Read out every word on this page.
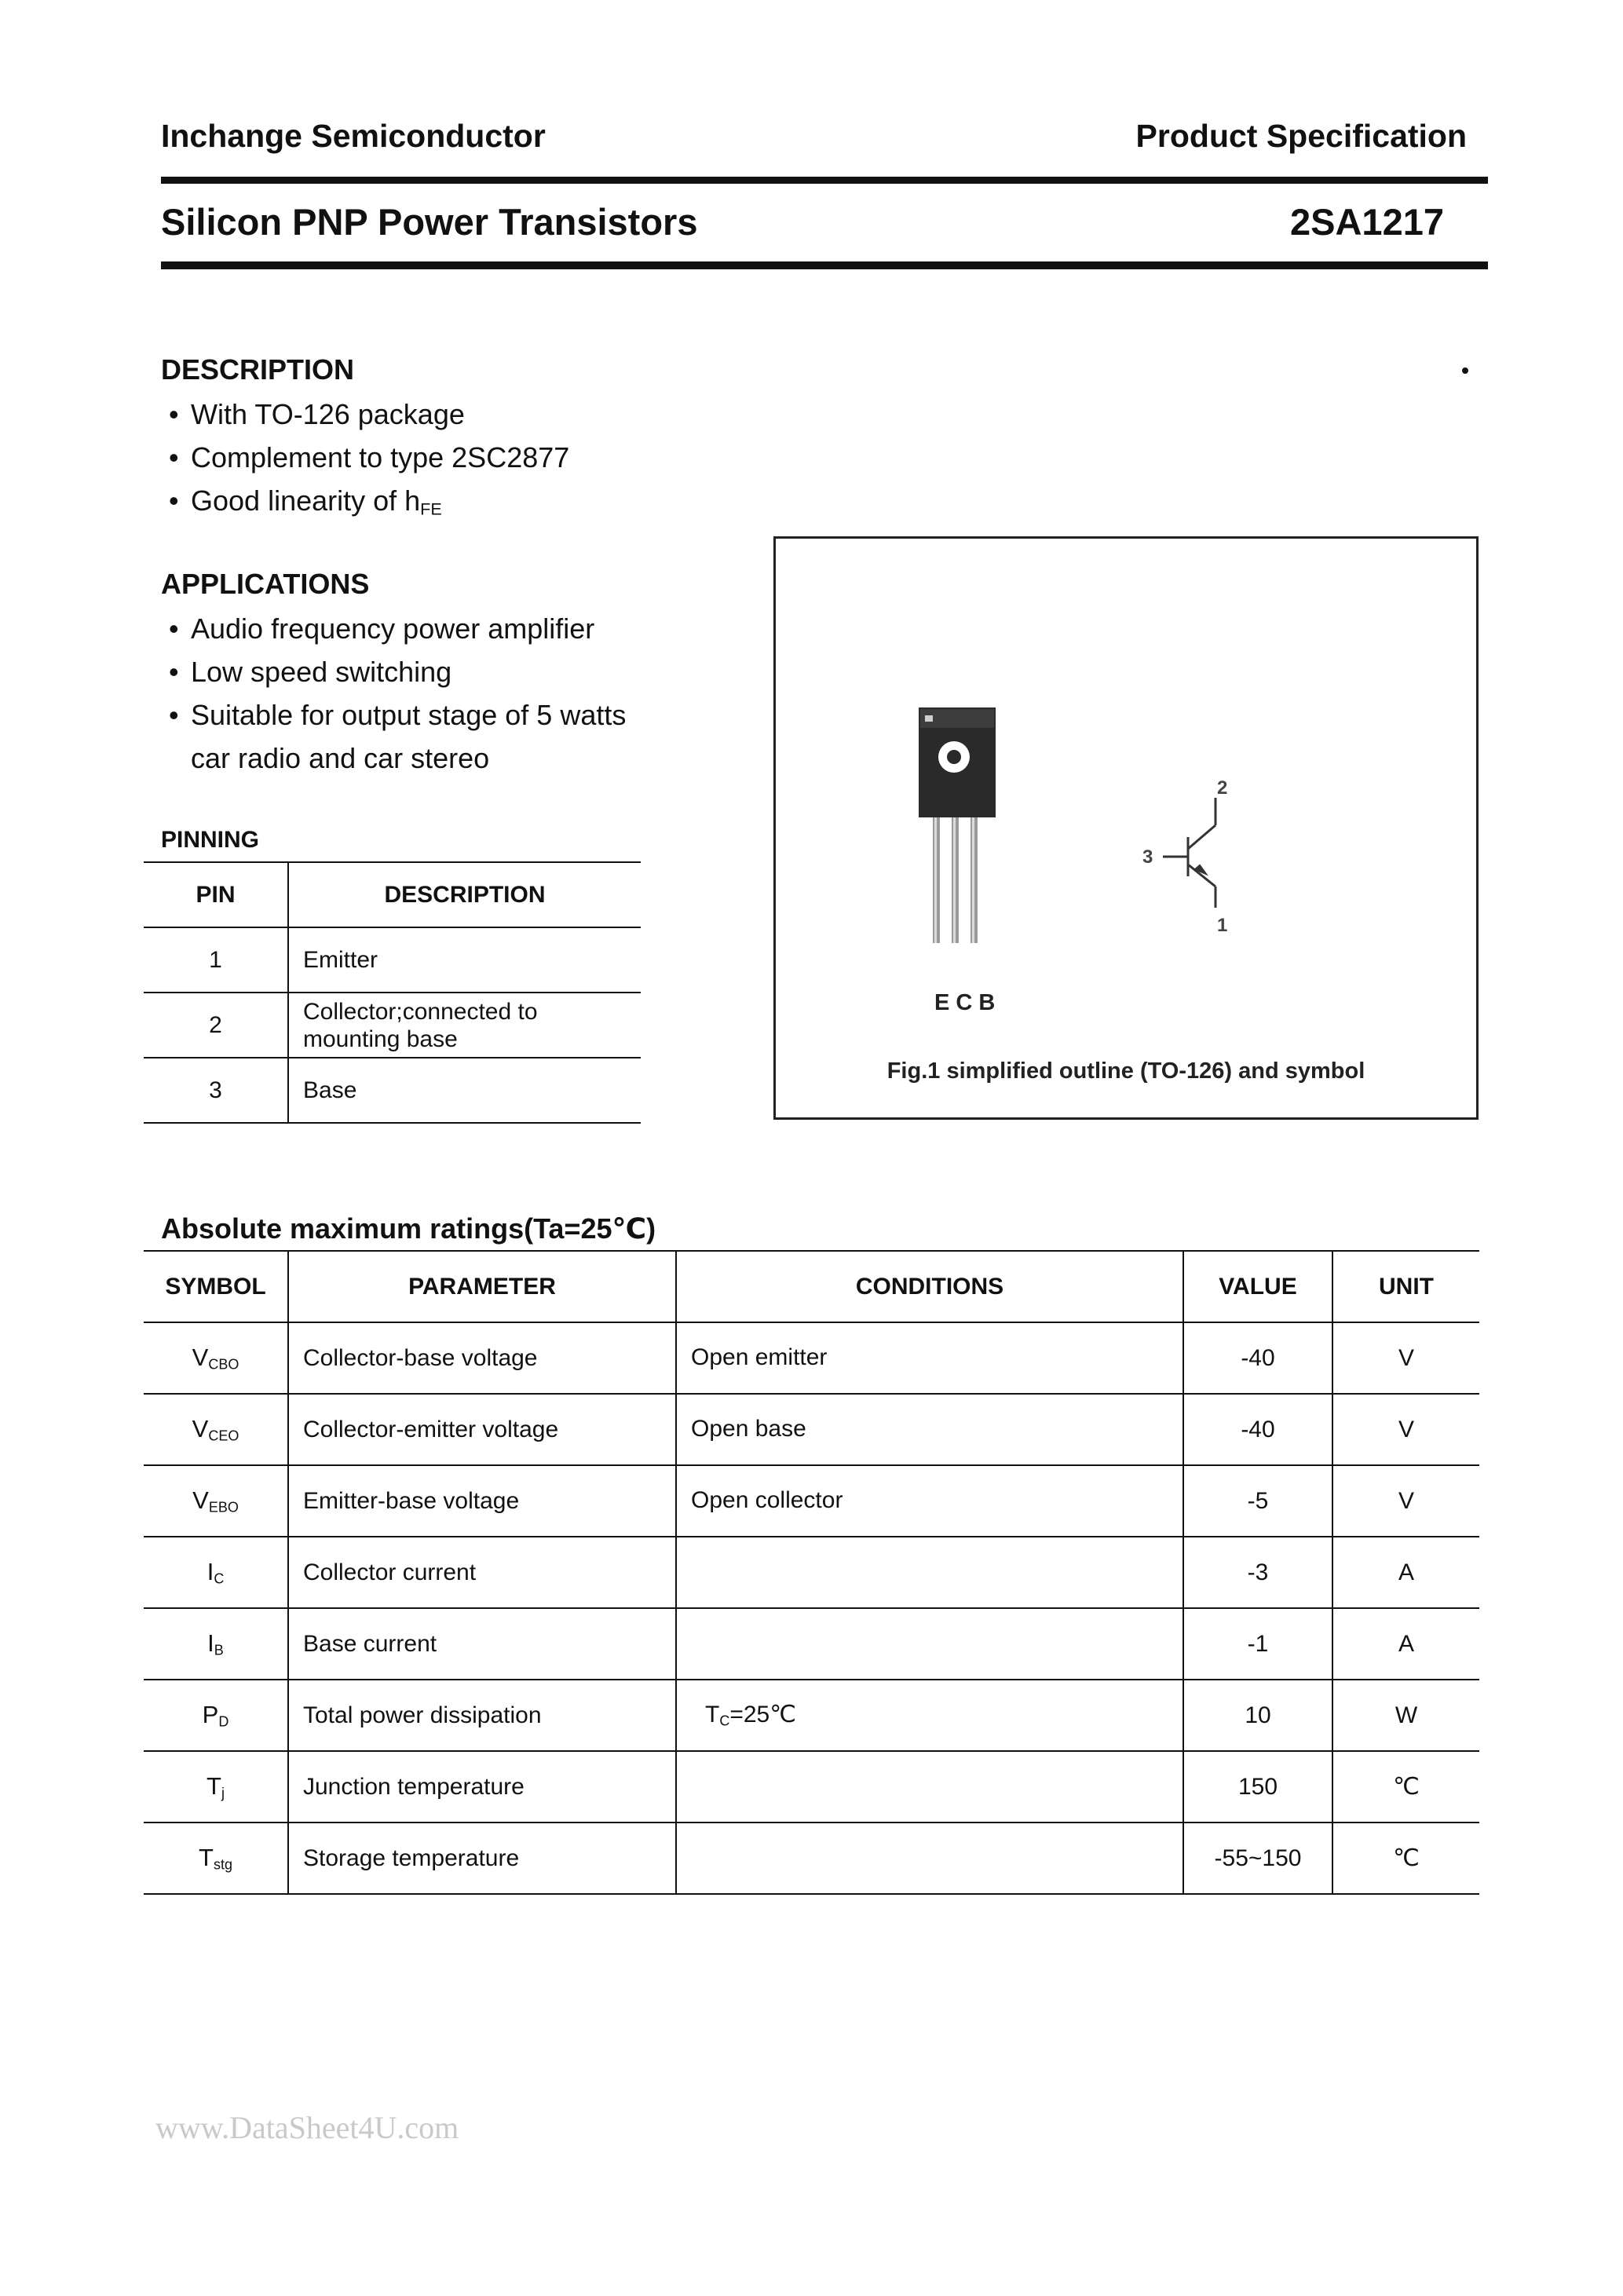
Inchange Semiconductor	Product Specification
Silicon PNP Power Transistors	2SA1217
DESCRIPTION
• With TO-126 package
• Complement to type 2SC2877
• Good linearity of $h_{FE}$
APPLICATIONS
• Audio frequency power amplifier
• Low speed switching
• Suitable for output stage of 5 watts
car radio and car stereo
PINNING
PIN	DESCRIPTION
1	Emitter
2	Collector;connected to
mounting base
3	Base
E C B
2
3
1
Fig.1 simplified outline (TO-126) and symbol
Absolute maximum ratings(Ta=25℃)
SYMBOL	PARAMETER	CONDITIONS	VALUE	UNIT
$V_{CBO}$	Collector-base voltage	Open emitter	-40	V
$V_{CEO}$	Collector-emitter voltage	Open base	-40	V
$V_{EBO}$	Emitter-base voltage	Open collector	-5	V
$I_C$	Collector current		-3	A
$I_B$	Base current		-1	A
$P_D$	Total power dissipation	$T_C=25℃$	10	W
$T_j$	Junction temperature		150	℃
$T_{stg}$	Storage temperature		-55~150	℃
www.DataSheet4U.com
